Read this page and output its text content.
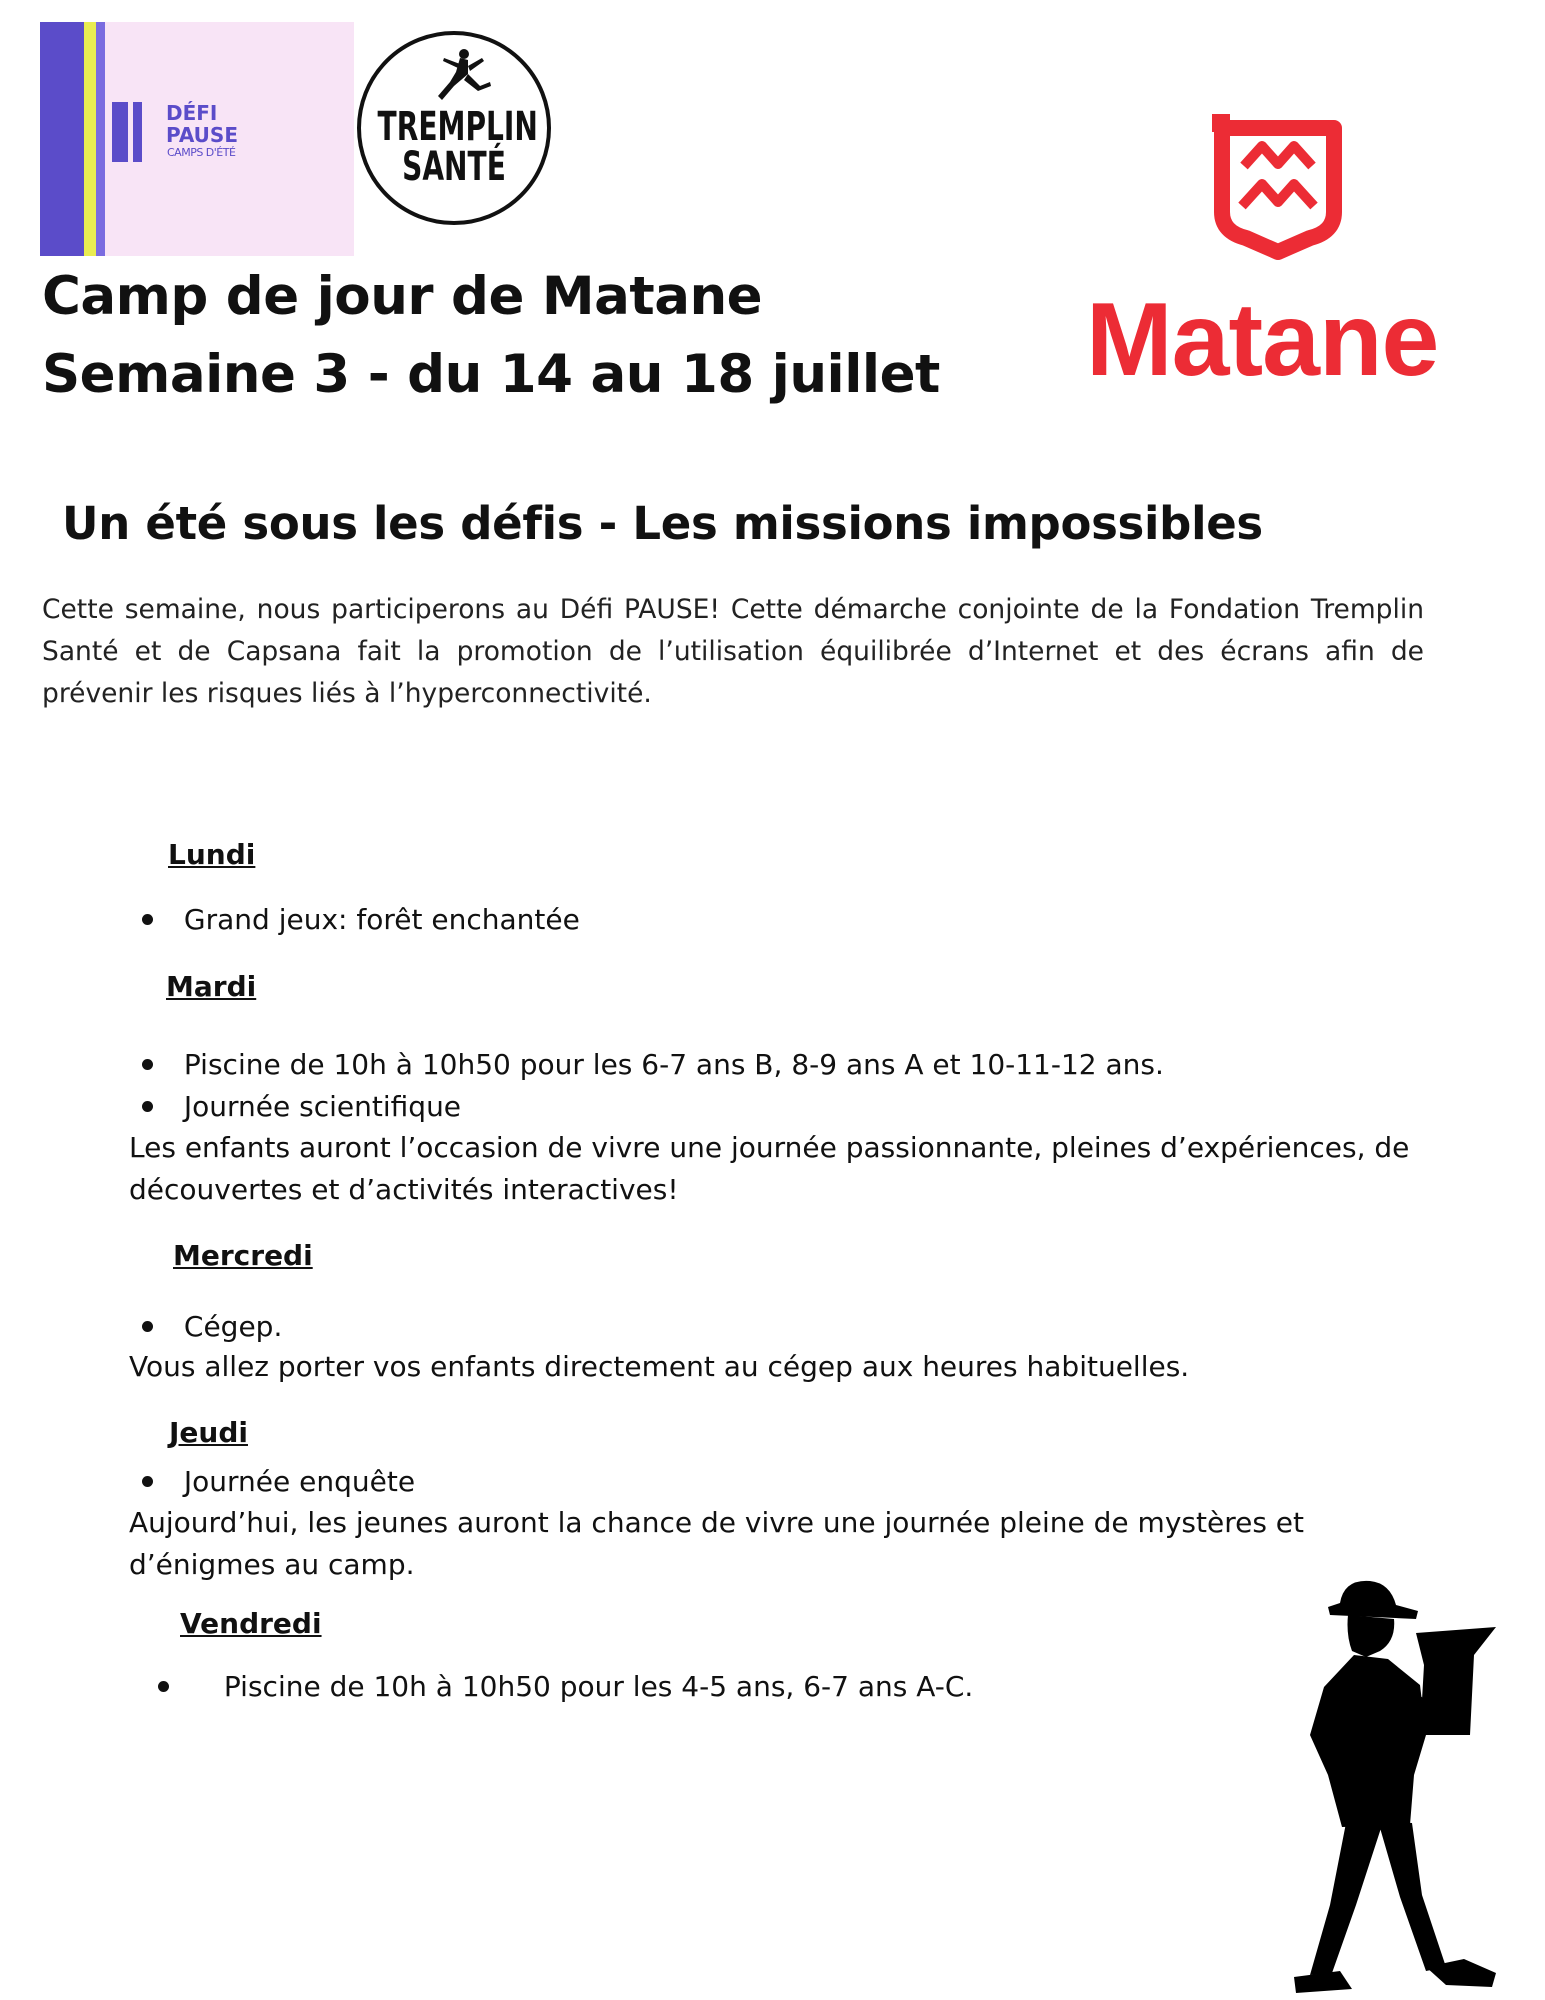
DÉFI
PAUSE
CAMPS D'ÉTÉ
TREMPLIN
SANTÉ
Matane
Camp de jour de Matane
Semaine 3 - du 14 au 18 juillet
Un été sous les défis - Les missions impossibles

Cette semaine, nous participerons au Défi PAUSE! Cette démarche conjointe de la Fondation Tremplin Santé et de Capsana fait la promotion de l’utilisation équilibrée d’Internet et des écrans afin de prévenir les risques liés à l’hyperconnectivité.

Lundi
Grand jeux: forêt enchantée
Mardi
Piscine de 10h à 10h50 pour les 6-7 ans B, 8-9 ans A et 10-11-12 ans.
Journée scientifique
Les enfants auront l’occasion de vivre une journée passionnante, pleines d’expériences, de
découvertes et d’activités interactives!
Mercredi
Cégep.
Vous allez porter vos enfants directement au cégep aux heures habituelles.
Jeudi
Journée enquête
Aujourd’hui, les jeunes auront la chance de vivre une journée pleine de mystères et
d’énigmes au camp.
Vendredi
Piscine de 10h à 10h50 pour les 4-5 ans, 6-7 ans A-C.
